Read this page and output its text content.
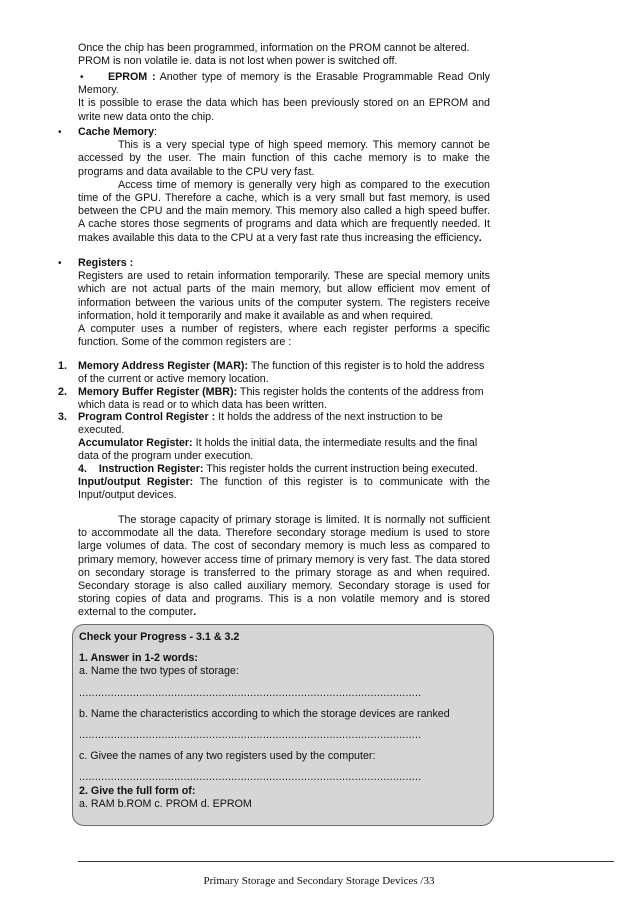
Once the chip has been programmed, information on the PROM cannot be altered.

PROM is non volatile ie. data is not lost when power is switched off.

•	EPROM : Another type of memory is the Erasable Programmable Read Only Memory.

It is possible to erase the data which has been previously stored on an EPROM and write new data onto the chip.

• Cache Memory:

This is a very special type of high speed memory. This memory cannot be accessed by the user. The main function of this cache memory is to make the programs and data available to the CPU very fast.

Access time of memory is generally very high as compared to the execution time of the GPU. Therefore a cache, which is a very small but fast memory, is used between the CPU and the main memory. This memory also called a high speed buffer. A cache stores those segments of programs and data which are frequently needed. It makes available this data to the CPU at a very fast rate thus increasing the efficiency.

• Registers :

Registers are used to retain information temporarily. These are special memory units which are not actual parts of the main memory, but allow efficient mov ement of information between the various units of the computer system. The registers receive information, hold it temporarily and make it available as and when required.

A computer uses a number of registers, where each register performs a specific function. Some of the common registers are :

1. Memory Address Register (MAR): The function of this register is to hold the address of the current or active memory location.
2. Memory Buffer Register (MBR): This register holds the contents of the address from which data is read or to which data has been written.
3. Program Control Register : It holds the address of the next instruction to be executed.
Accumulator Register: It holds the initial data, the intermediate results and the final data of the program under execution.
4. Instruction Register: This register holds the current instruction being executed.
Input/output Register: The function of this register is to communicate with the Input/output devices.

The storage capacity of primary storage is limited. It is normally not sufficient to accommodate all the data. Therefore secondary storage medium is used to store large volumes of data. The cost of secondary memory is much less as compared to primary memory, however access time of primary memory is very fast. The data stored on secondary storage is transferred to the primary storage as and when required. Secondary storage is also called auxiliary memory. Secondary storage is used for storing copies of data and programs. This is a non volatile memory and is stored external to the computer.

Check your Progress - 3.1 & 3.2
1. Answer in 1-2 words:
a. Name the two types of storage:
............................................................................................................
b. Name the characteristics according to which the storage devices are ranked
............................................................................................................
c. Givee the names of any two registers used by the computer:
............................................................................................................
2. Give the full form of:
a. RAM b.ROM c. PROM d. EPROM
Primary Storage and Secondary Storage Devices /33
